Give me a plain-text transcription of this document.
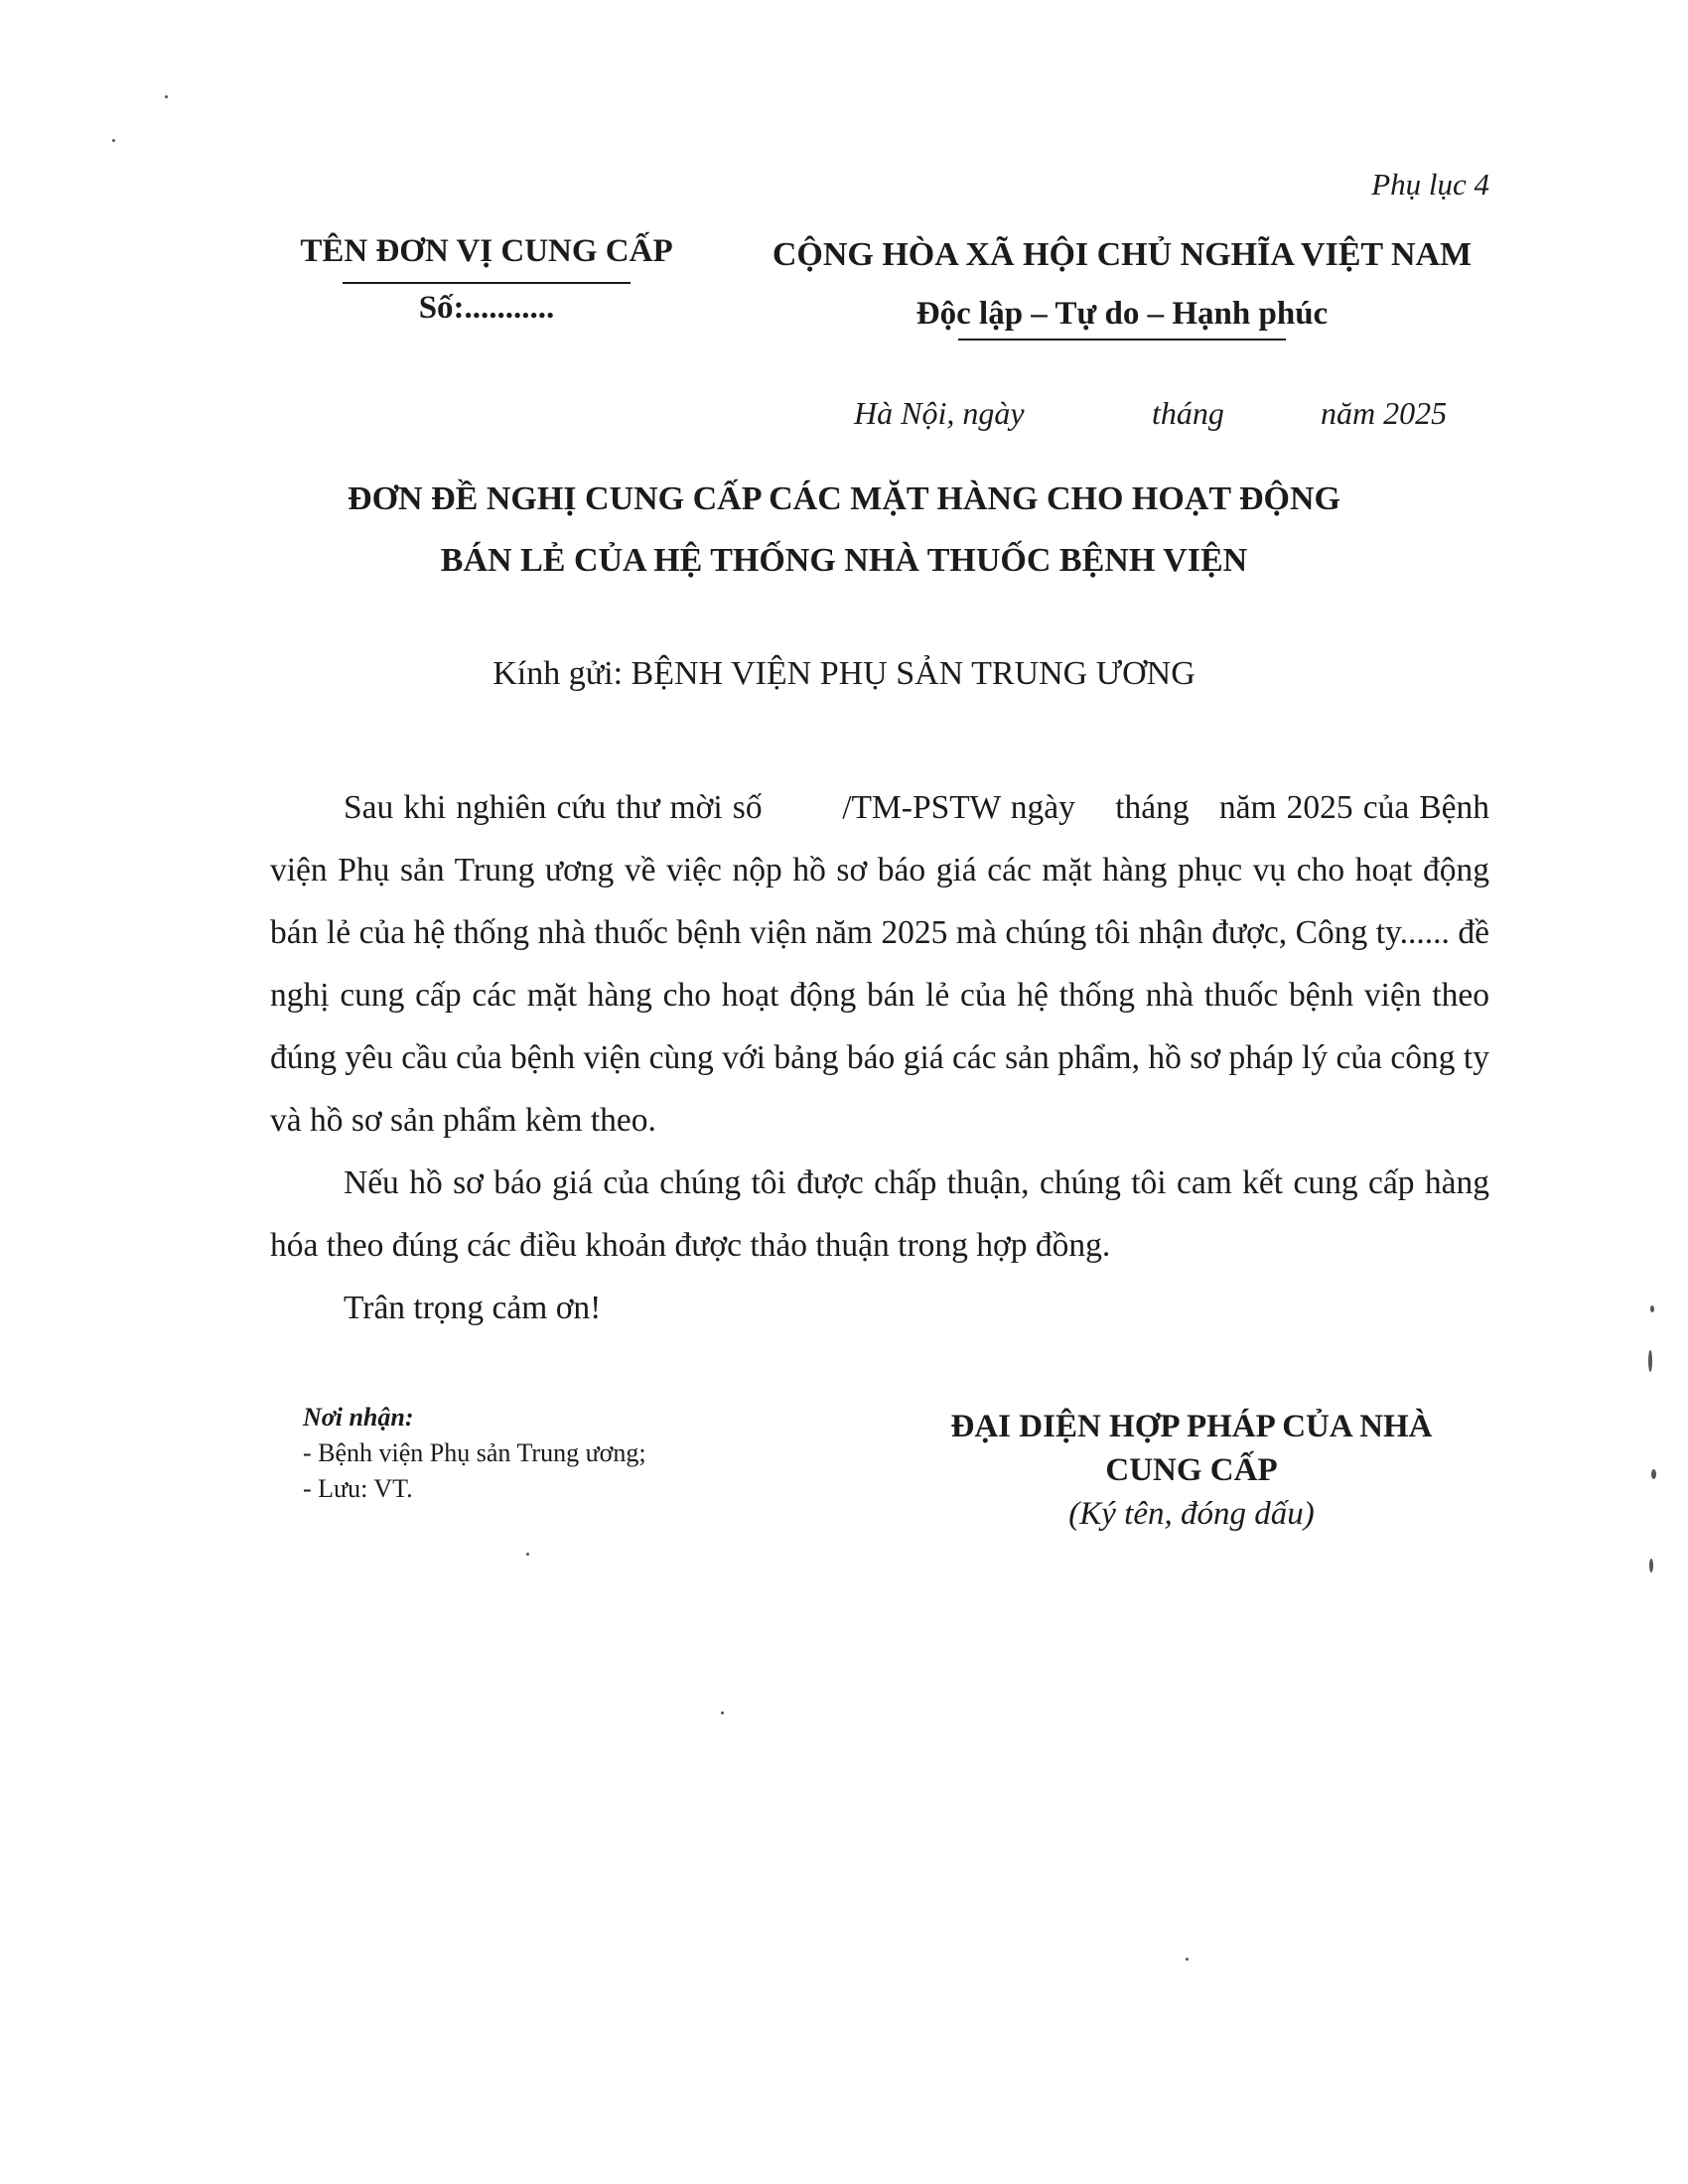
Phụ lục 4
TÊN ĐƠN VỊ CUNG CẤP
Số:...........
CỘNG HÒA XÃ HỘI CHỦ NGHĨA VIỆT NAM
Độc lập – Tự do – Hạnh phúc
Hà Nội, ngày	tháng	năm 2025
ĐƠN ĐỀ NGHỊ CUNG CẤP CÁC MẶT HÀNG CHO HOẠT ĐỘNG
BÁN LẺ CỦA HỆ THỐNG NHÀ THUỐC BỆNH VIỆN
Kính gửi: BỆNH VIỆN PHỤ SẢN TRUNG ƯƠNG

Sau khi nghiên cứu thư mời số        /TM-PSTW ngày    tháng   năm 2025 của Bệnh viện Phụ sản Trung ương về việc nộp hồ sơ báo giá các mặt hàng phục vụ cho hoạt động bán lẻ của hệ thống nhà thuốc bệnh viện năm 2025 mà chúng tôi nhận được, Công ty...... đề nghị cung cấp các mặt hàng cho hoạt động bán lẻ của hệ thống nhà thuốc bệnh viện theo đúng yêu cầu của bệnh viện cùng với bảng báo giá các sản phẩm, hồ sơ pháp lý của công ty và hồ sơ sản phẩm kèm theo.

Nếu hồ sơ báo giá của chúng tôi được chấp thuận, chúng tôi cam kết cung cấp hàng hóa theo đúng các điều khoản được thảo thuận trong hợp đồng.

Trân trọng cảm ơn!

Nơi nhận:
- Bệnh viện Phụ sản Trung ương;
- Lưu: VT.
ĐẠI DIỆN HỢP PHÁP CỦA NHÀ CUNG CẤP
(Ký tên, đóng dấu)
